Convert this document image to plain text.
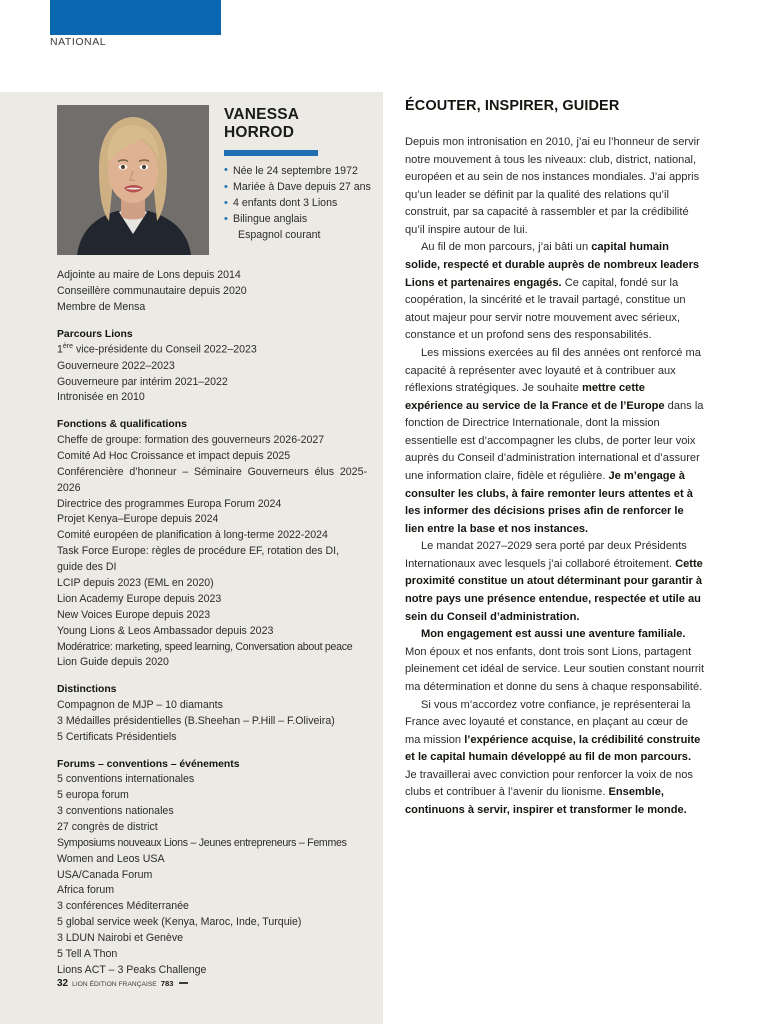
NATIONAL
VANESSA
HORROD
• Née le 24 septembre 1972
• Mariée à Dave depuis 27 ans
• 4 enfants dont 3 Lions
• Bilingue anglais
Espagnol courant
Adjointe au maire de Lons depuis 2014
Conseillère communautaire depuis 2020
Membre de Mensa
Parcours Lions
1ère vice-présidente du Conseil 2022–2023
Gouverneure 2022–2023
Gouverneure par intérim 2021–2022
Intronisée en 2010
Fonctions & qualifications
Cheffe de groupe: formation des gouverneurs 2026-2027
Comité Ad Hoc Croissance et impact depuis 2025
Conférencière d’honneur – Séminaire Gouverneurs élus 2025-2026
Directrice des programmes Europa Forum 2024
Projet Kenya–Europe depuis 2024
Comité européen de planification à long-terme 2022-2024
Task Force Europe: règles de procédure EF, rotation des DI, guide des DI
LCIP depuis 2023 (EML en 2020)
Lion Academy Europe depuis 2023
New Voices Europe depuis 2023
Young Lions & Leos Ambassador depuis 2023
Modératrice: marketing, speed learning, Conversation about peace
Lion Guide depuis 2020
Distinctions
Compagnon de MJP – 10 diamants
3 Médailles présidentielles (B.Sheehan – P.Hill – F.Oliveira)
5 Certificats Présidentiels
Forums – conventions – événements
5 conventions internationales
5 europa forum
3 conventions nationales
27 congrès de district
Symposiums nouveaux Lions – Jeunes entrepreneurs – Femmes
Women and Leos USA
USA/Canada Forum
Africa forum
3 conférences Méditerranée
5 global service week (Kenya, Maroc, Inde, Turquie)
3 LDUN Nairobi et Genève
5 Tell A Thon
Lions ACT – 3 Peaks Challenge
ÉCOUTER, INSPIRER, GUIDER

Depuis mon intronisation en 2010, j’ai eu l’honneur de servir notre mouvement à tous les niveaux: club, district, national, européen et au sein de nos instances mondiales. J’ai appris qu’un leader se définit par la qualité des relations qu’il construit, par sa capacité à rassembler et par la crédibilité qu’il inspire autour de lui.

Au fil de mon parcours, j’ai bâti un capital humain solide, respecté et durable auprès de nombreux leaders Lions et partenaires engagés. Ce capital, fondé sur la coopération, la sincérité et le travail partagé, constitue un atout majeur pour servir notre mouvement avec sérieux, constance et un profond sens des responsabilités.

Les missions exercées au fil des années ont renforcé ma capacité à représenter avec loyauté et à contribuer aux réflexions stratégiques. Je souhaite mettre cette expérience au service de la France et de l’Europe dans la fonction de Directrice Internationale, dont la mission essentielle est d’accompagner les clubs, de porter leur voix auprès du Conseil d’administration international et d’assurer une information claire, fidèle et régulière. Je m’engage à consulter les clubs, à faire remonter leurs attentes et à les informer des décisions prises afin de renforcer le lien entre la base et nos instances.

Le mandat 2027–2029 sera porté par deux Présidents Internationaux avec lesquels j’ai collaboré étroitement. Cette proximité constitue un atout déterminant pour garantir à notre pays une présence entendue, respectée et utile au sein du Conseil d’administration.

Mon engagement est aussi une aventure familiale. Mon époux et nos enfants, dont trois sont Lions, partagent pleinement cet idéal de service. Leur soutien constant nourrit ma détermination et donne du sens à chaque responsabilité.

Si vous m’accordez votre confiance, je représenterai la France avec loyauté et constance, en plaçant au cœur de ma mission l’expérience acquise, la crédibilité construite et le capital humain développé au fil de mon parcours. Je travaillerai avec conviction pour renforcer la voix de nos clubs et contribuer à l’avenir du lionisme. Ensemble, continuons à servir, inspirer et transformer le monde.

32 LION ÉDITION FRANÇAISE 783
